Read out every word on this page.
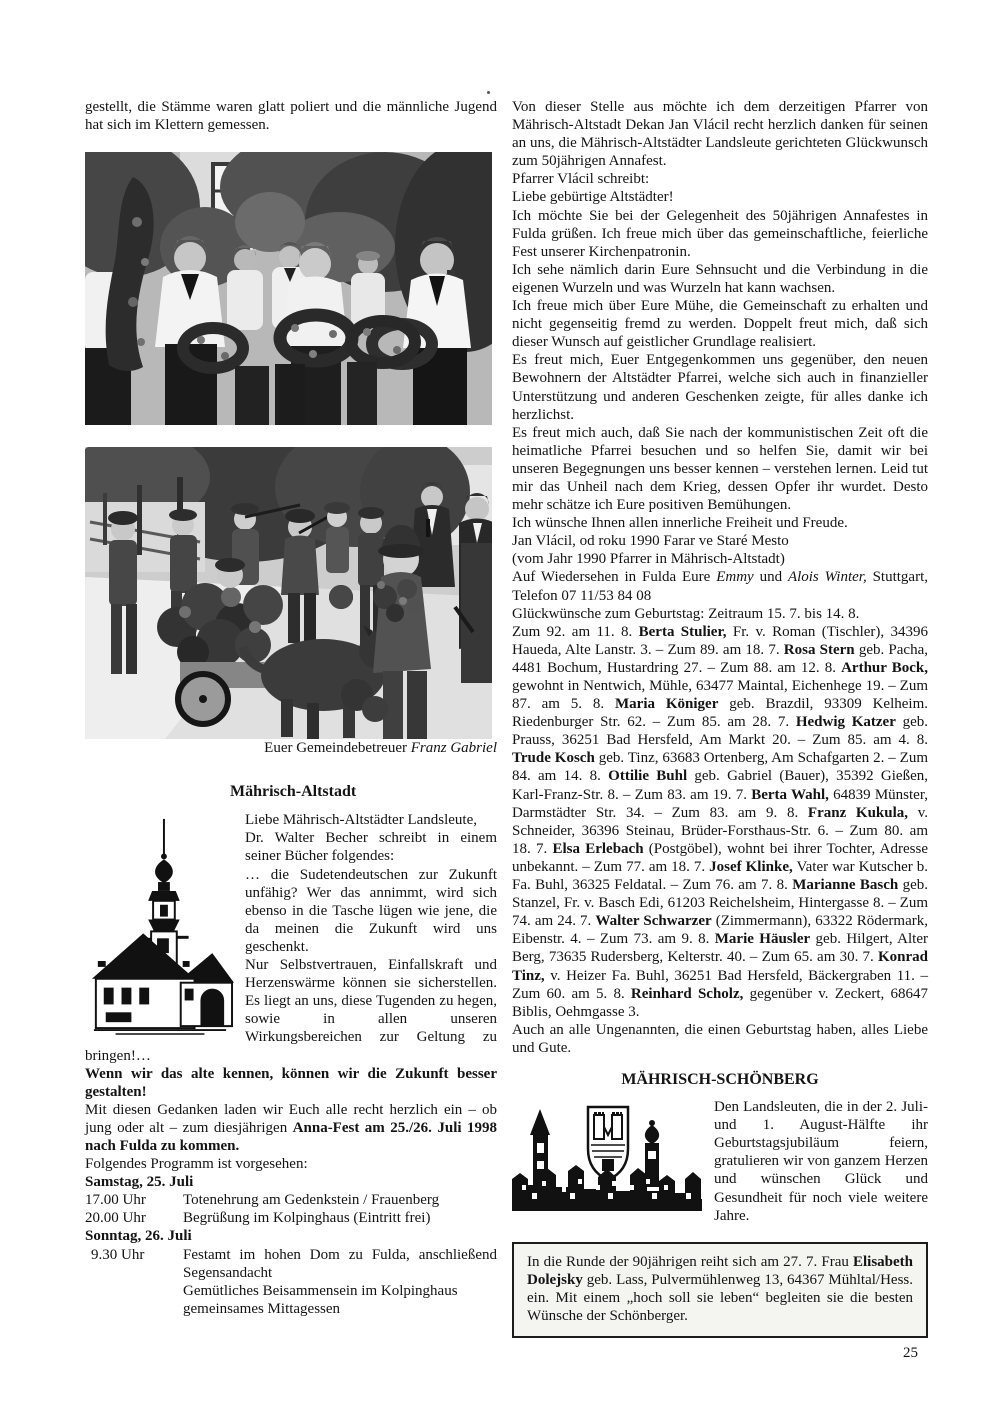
gestellt, die Stämme waren glatt poliert und die männliche Jugend hat sich im Klettern gemessen.

Euer Gemeindebetreuer Franz Gabriel

Mährisch-Altstadt

Liebe Mährisch-Altstädter Landsleute,

Dr. Walter Becher schreibt in einem seiner Bücher folgendes:

… die Sudetendeutschen zur Zukunft unfähig? Wer das annimmt, wird sich ebenso in die Tasche lügen wie jene, die da meinen die Zukunft wird uns geschenkt.

Nur Selbstvertrauen, Einfallskraft und Herzenswärme können sie sicherstellen. Es liegt an uns, diese Tugenden zu hegen, sowie in allen unseren Wirkungsbereichen zur Geltung zu bringen!…

Wenn wir das alte kennen, können wir die Zukunft besser gestalten!

Mit diesen Gedanken laden wir Euch alle recht herzlich ein – ob jung oder alt – zum diesjährigen Anna-Fest am 25./26. Juli 1998 nach Fulda zu kommen.

Folgendes Programm ist vorgesehen:

Samstag, 25. Juli

17.00 Uhr	Totenehrung am Gedenkstein / Frauenberg
20.00 Uhr	Begrüßung im Kolpinghaus (Eintritt frei)

Sonntag, 26. Juli

9.30 Uhr	Festamt im hohen Dom zu Fulda, anschließend Segensandacht
Gemütliches Beisammensein im Kolpinghaus
gemeinsames Mittagessen

Von dieser Stelle aus möchte ich dem derzeitigen Pfarrer von Mährisch-Altstadt Dekan Jan Vlácil recht herzlich danken für seinen an uns, die Mährisch-Altstädter Landsleute gerichteten Glückwunsch zum 50jährigen Annafest.

Pfarrer Vlácil schreibt:

Liebe gebürtige Altstädter!

Ich möchte Sie bei der Gelegenheit des 50jährigen Annafestes in Fulda grüßen. Ich freue mich über das gemeinschaftliche, feierliche Fest unserer Kirchenpatronin.

Ich sehe nämlich darin Eure Sehnsucht und die Verbindung in die eigenen Wurzeln und was Wurzeln hat kann wachsen.

Ich freue mich über Eure Mühe, die Gemeinschaft zu erhalten und nicht gegenseitig fremd zu werden. Doppelt freut mich, daß sich dieser Wunsch auf geistlicher Grundlage realisiert.

Es freut mich, Euer Entgegenkommen uns gegenüber, den neuen Bewohnern der Altstädter Pfarrei, welche sich auch in finanzieller Unterstützung und anderen Geschenken zeigte, für alles danke ich herzlichst.

Es freut mich auch, daß Sie nach der kommunistischen Zeit oft die heimatliche Pfarrei besuchen und so helfen Sie, damit wir bei unseren Begegnungen uns besser kennen – verstehen lernen. Leid tut mir das Unheil nach dem Krieg, dessen Opfer ihr wurdet. Desto mehr schätze ich Eure positiven Bemühungen.

Ich wünsche Ihnen allen innerliche Freiheit und Freude.

Jan Vlácil, od roku 1990 Farar ve Staré Mesto

(vom Jahr 1990 Pfarrer in Mährisch-Altstadt)

Auf Wiedersehen in Fulda Eure Emmy und Alois Winter, Stuttgart, Telefon 07 11/53 84 08

Glückwünsche zum Geburtstag: Zeitraum 15. 7. bis 14. 8.

Zum 92. am 11. 8. Berta Stulier, Fr. v. Roman (Tischler), 34396 Haueda, Alte Lanstr. 3. – Zum 89. am 18. 7. Rosa Stern geb. Pacha, 4481 Bochum, Hustardring 27. – Zum 88. am 12. 8. Arthur Bock, gewohnt in Nentwich, Mühle, 63477 Maintal, Eichenhege 19. – Zum 87. am 5. 8. Maria Königer geb. Brazdil, 93309 Kelheim. Riedenburger Str. 62. – Zum 85. am 28. 7. Hedwig Katzer geb. Prauss, 36251 Bad Hersfeld, Am Markt 20. – Zum 85. am 4. 8. Trude Kosch geb. Tinz, 63683 Ortenberg, Am Schafgarten 2. – Zum 84. am 14. 8. Ottilie Buhl geb. Gabriel (Bauer), 35392 Gießen, Karl-Franz-Str. 8. – Zum 83. am 19. 7. Berta Wahl, 64839 Münster, Darmstädter Str. 34. – Zum 83. am 9. 8. Franz Kukula, v. Schneider, 36396 Steinau, Brüder-Forsthaus-Str. 6. – Zum 80. am 18. 7. Elsa Erlebach (Postgöbel), wohnt bei ihrer Tochter, Adresse unbekannt. – Zum 77. am 18. 7. Josef Klinke, Vater war Kutscher b. Fa. Buhl, 36325 Feldatal. – Zum 76. am 7. 8. Marianne Basch geb. Stanzel, Fr. v. Basch Edi, 61203 Reichelsheim, Hintergasse 8. – Zum 74. am 24. 7. Walter Schwarzer (Zimmermann), 63322 Rödermark, Eibenstr. 4. – Zum 73. am 9. 8. Marie Häusler geb. Hilgert, Alter Berg, 73635 Rudersberg, Kelterstr. 40. – Zum 65. am 30. 7. Konrad Tinz, v. Heizer Fa. Buhl, 36251 Bad Hersfeld, Bäckergraben 11. – Zum 60. am 5. 8. Reinhard Scholz, gegenüber v. Zeckert, 68647 Biblis, Oehmgasse 3.

Auch an alle Ungenannten, die einen Geburtstag haben, alles Liebe und Gute.

MÄHRISCH-SCHÖNBERG

Den Landsleuten, die in der 2. Juli- und 1. August-Hälfte ihr Geburtstagsjubiläum feiern, gratulieren wir von ganzem Herzen und wünschen Glück und Gesundheit für noch viele weitere Jahre.

In die Runde der 90jährigen reiht sich am 27. 7. Frau Elisabeth Dolejsky geb. Lass, Pulvermühlenweg 13, 64367 Mühltal/Hess. ein. Mit einem „hoch soll sie leben“ begleiten sie die besten Wünsche der Schönberger.

25
